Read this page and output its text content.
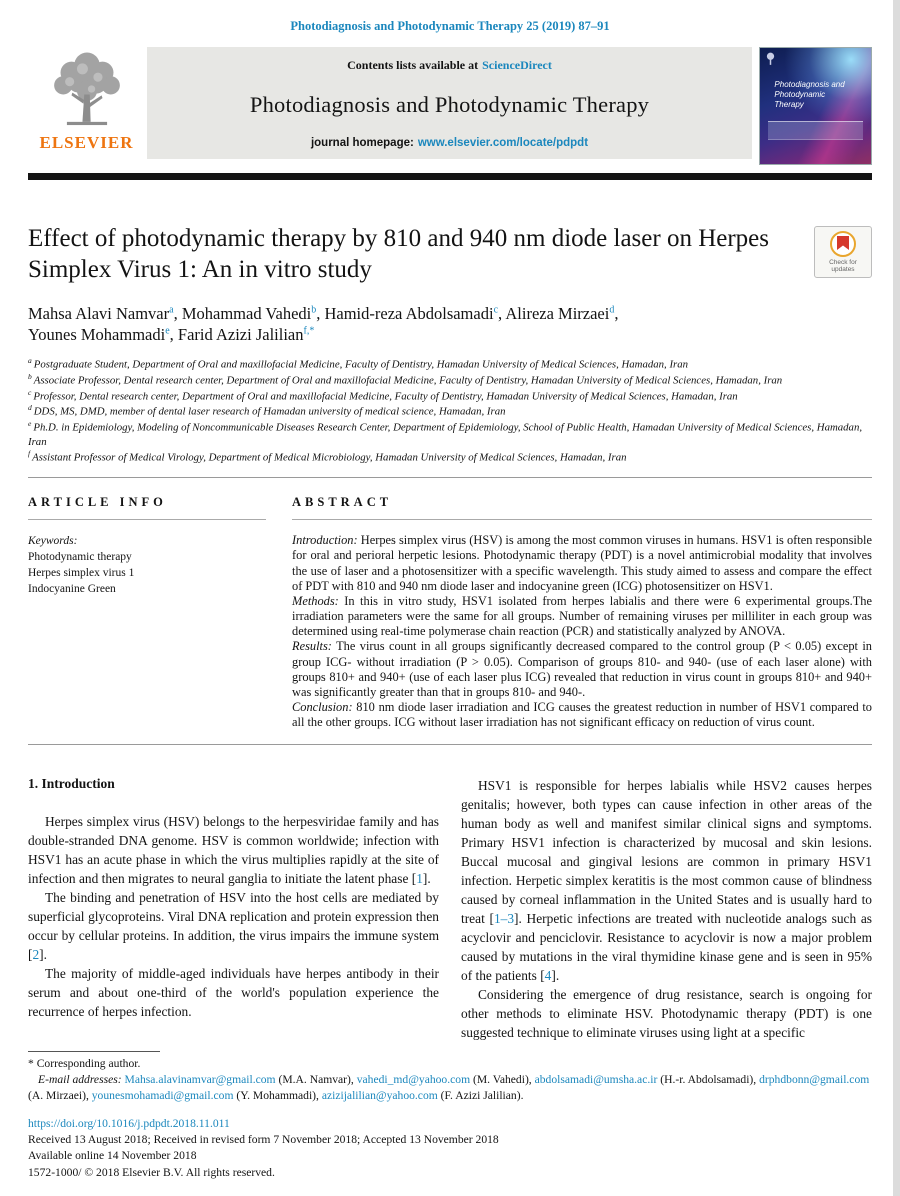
Photodiagnosis and Photodynamic Therapy 25 (2019) 87–91
ELSEVIER
Contents lists available at ScienceDirect
Photodiagnosis and Photodynamic Therapy
journal homepage: www.elsevier.com/locate/pdpdt
Photodiagnosis and Photodynamic Therapy
Effect of photodynamic therapy by 810 and 940 nm diode laser on Herpes Simplex Virus 1: An in vitro study	Check for
updates
Mahsa Alavi Namvar$^a$, Mohammad Vahedi$^b$, Hamid-reza Abdolsamadi$^c$, Alireza Mirzaei$^d$, Younes Mohammadi$^e$, Farid Azizi Jalilian$^{f,*}$
$^a$ Postgraduate Student, Department of Oral and maxillofacial Medicine, Faculty of Dentistry, Hamadan University of Medical Sciences, Hamadan, Iran
$^b$ Associate Professor, Dental research center, Department of Oral and maxillofacial Medicine, Faculty of Dentistry, Hamadan University of Medical Sciences, Hamadan, Iran
$^c$ Professor, Dental research center, Department of Oral and maxillofacial Medicine, Faculty of Dentistry, Hamadan University of Medical Sciences, Hamadan, Iran
$^d$ DDS, MS, DMD, member of dental laser research of Hamadan university of medical science, Hamadan, Iran
$^e$ Ph.D. in Epidemiology, Modeling of Noncommunicable Diseases Research Center, Department of Epidemiology, School of Public Health, Hamadan University of Medical Sciences, Hamadan, Iran
$^f$ Assistant Professor of Medical Virology, Department of Medical Microbiology, Hamadan University of Medical Sciences, Hamadan, Iran
ARTICLE INFO
Keywords:
Photodynamic therapy
Herpes simplex virus 1
Indocyanine Green
ABSTRACT

Introduction: Herpes simplex virus (HSV) is among the most common viruses in humans. HSV1 is often responsible for oral and perioral herpetic lesions. Photodynamic therapy (PDT) is a novel antimicrobial modality that involves the use of laser and a photosensitizer with a specific wavelength. This study aimed to assess and compare the effect of PDT with 810 and 940 nm diode laser and indocyanine green (ICG) photosensitizer on HSV1.

Methods: In this in vitro study, HSV1 isolated from herpes labialis and there were 6 experimental groups.The irradiation parameters were the same for all groups. Number of remaining viruses per milliliter in each group was determined using real-time polymerase chain reaction (PCR) and statistically analyzed by ANOVA.

Results: The virus count in all groups significantly decreased compared to the control group (P < 0.05) except in group ICG- without irradiation (P > 0.05). Comparison of groups 810- and 940- (use of each laser alone) with groups 810+ and 940+ (use of each laser plus ICG) revealed that reduction in virus count in groups 810+ and 940+ was significantly greater than that in groups 810- and 940-.

Conclusion: 810 nm diode laser irradiation and ICG causes the greatest reduction in number of HSV1 compared to all the other groups. ICG without laser irradiation has not significant efficacy on reduction of virus count.

1. Introduction

Herpes simplex virus (HSV) belongs to the herpesviridae family and has double-stranded DNA genome. HSV is common worldwide; infection with HSV1 has an acute phase in which the virus multiplies rapidly at the site of infection and then migrates to neural ganglia to initiate the latent phase [1].

The binding and penetration of HSV into the host cells are mediated by superficial glycoproteins. Viral DNA replication and protein expression then occur by cellular proteins. In addition, the virus impairs the immune system [2].

The majority of middle-aged individuals have herpes antibody in their serum and about one-third of the world's population experience the recurrence of herpes infection.

HSV1 is responsible for herpes labialis while HSV2 causes herpes genitalis; however, both types can cause infection in other areas of the human body as well and manifest similar clinical signs and symptoms. Primary HSV1 infection is characterized by mucosal and skin lesions. Buccal mucosal and gingival lesions are common in primary HSV1 infection. Herpetic simplex keratitis is the most common cause of blindness caused by corneal inflammation in the United States and is usually hard to treat [1–3]. Herpetic infections are treated with nucleotide analogs such as acyclovir and penciclovir. Resistance to acyclovir is now a major problem caused by mutations in the viral thymidine kinase gene and is seen in 95% of the patients [4].

Considering the emergence of drug resistance, search is ongoing for other methods to eliminate HSV. Photodynamic therapy (PDT) is one suggested technique to eliminate viruses using light at a specific

* Corresponding author.
E-mail addresses: Mahsa.alavinamvar@gmail.com (M.A. Namvar), vahedi_md@yahoo.com (M. Vahedi), abdolsamadi@umsha.ac.ir (H.-r. Abdolsamadi), drphdbonn@gmail.com (A. Mirzaei), younesmohamadi@gmail.com (Y. Mohammadi), azizijalilian@yahoo.com (F. Azizi Jalilian).
https://doi.org/10.1016/j.pdpdt.2018.11.011
Received 13 August 2018; Received in revised form 7 November 2018; Accepted 13 November 2018
Available online 14 November 2018
1572-1000/ © 2018 Elsevier B.V. All rights reserved.
